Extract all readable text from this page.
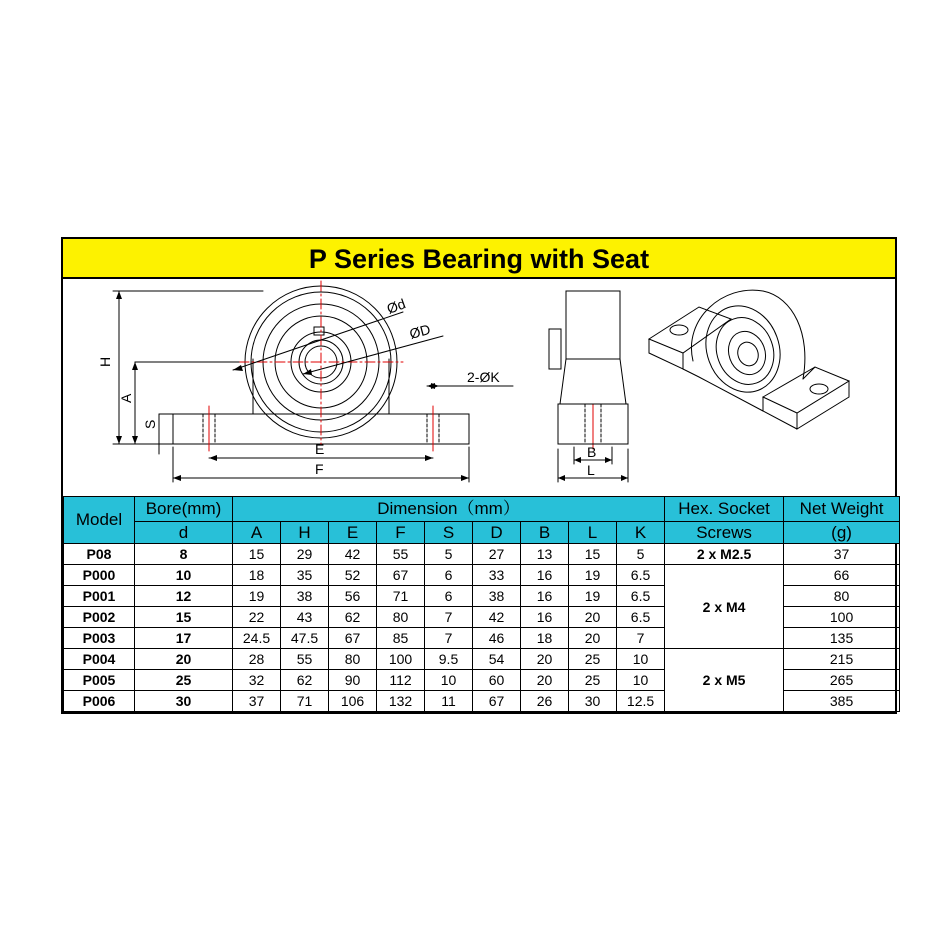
P Series Bearing with Seat
H
A
S
E
F
Ød
ØD
2-ØK
B
L
Model	Bore(mm)	Dimension（mm）									Hex. Socket	Net Weight
	d	A	H	E	F	S	D	B	L	K	Screws	(g)
P08	8	15	29	42	55	5	27	13	15	5	2 x M2.5	37
P000	10	18	35	52	67	6	33	16	19	6.5	2 x M4	66
P001	12	19	38	56	71	6	38	16	19	6.5		80
P002	15	22	43	62	80	7	42	16	20	6.5		100
P003	17	24.5	47.5	67	85	7	46	18	20	7		135
P004	20	28	55	80	100	9.5	54	20	25	10	2 x M5	215
P005	25	32	62	90	112	10	60	20	25	10		265
P006	30	37	71	106	132	11	67	26	30	12.5		385
